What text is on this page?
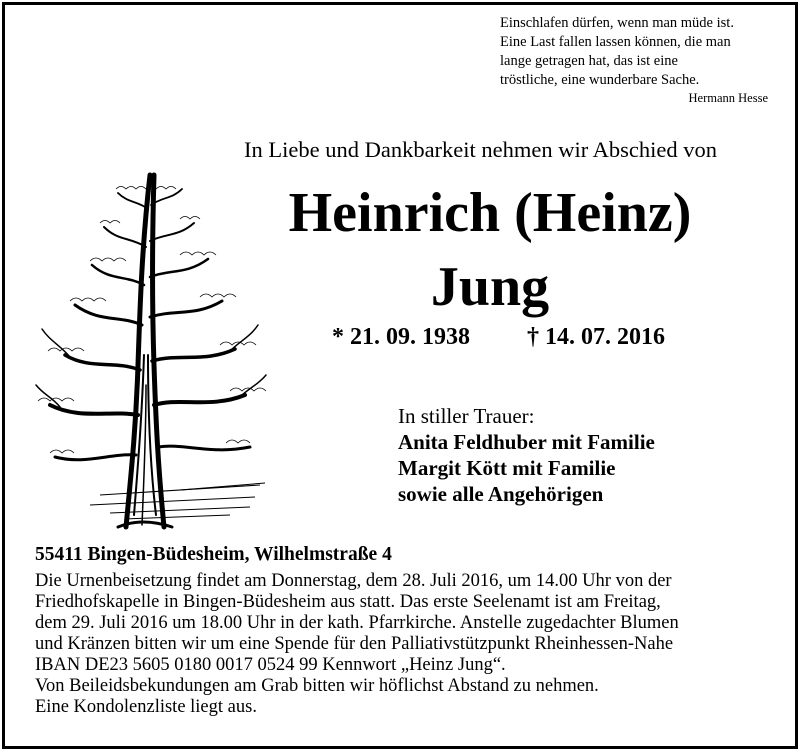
Einschlafen dürfen, wenn man müde ist.
Eine Last fallen lassen können, die man
lange getragen hat, das ist eine
tröstliche, eine wunderbare Sache.
Hermann Hesse
In Liebe und Dankbarkeit nehmen wir Abschied von
Heinrich (Heinz)
Jung
* 21. 09. 1938 † 14. 07. 2016
In stiller Trauer:
Anita Feldhuber mit Familie
Margit Kött mit Familie
sowie alle Angehörigen
55411 Bingen-Büdesheim, Wilhelmstraße 4
Die Urnenbeisetzung findet am Donnerstag, dem 28. Juli 2016, um 14.00 Uhr von der
Friedhofskapelle in Bingen-Büdesheim aus statt. Das erste Seelenamt ist am Freitag,
dem 29. Juli 2016 um 18.00 Uhr in der kath. Pfarrkirche. Anstelle zugedachter Blumen
und Kränzen bitten wir um eine Spende für den Palliativstützpunkt Rheinhessen-Nahe
IBAN DE23 5605 0180 0017 0524 99 Kennwort „Heinz Jung“.
Von Beileidsbekundungen am Grab bitten wir höflichst Abstand zu nehmen.
Eine Kondolenzliste liegt aus.
